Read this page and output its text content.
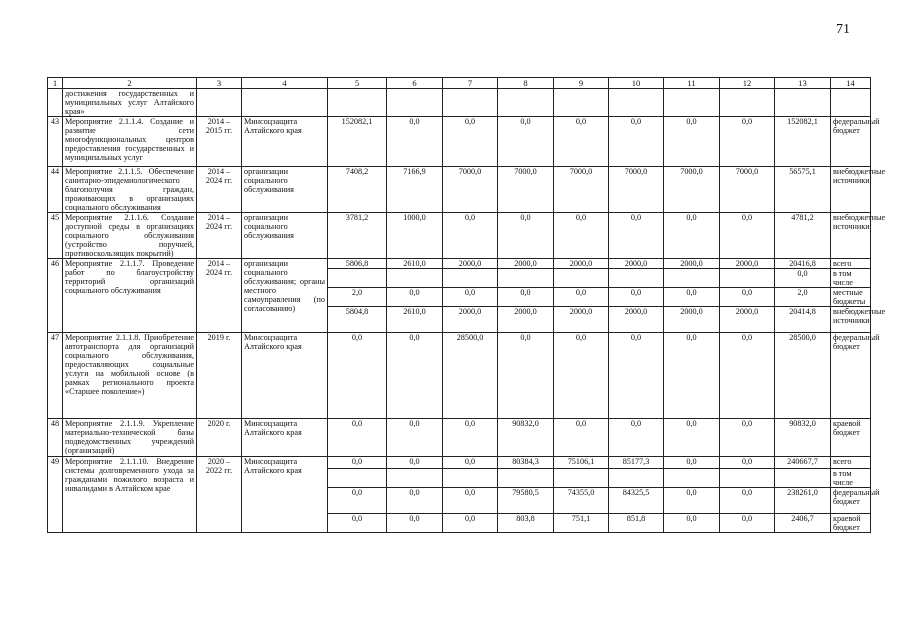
71
1	2	3	4	5	6	7	8	9	10	11	12	13	14
	достижения государственных и муниципальных услуг Алтайского края»												
43	Мероприятие 2.1.1.4. Создание и развитие сети многофункциональных центров предоставления государственных и муниципальных услуг	2014 – 2015 гг.	Минсоцзащита Алтайского края	152082,1	0,0	0,0	0,0	0,0	0,0	0,0	0,0	152082,1	федеральный бюджет
44	Мероприятие 2.1.1.5. Обеспечение санитарно-эпидемиологического благополучия граждан, проживающих в организациях социального обслуживания	2014 – 2024 гг.	организации социального обслуживания	7408,2	7166,9	7000,0	7000,0	7000,0	7000,0	7000,0	7000,0	56575,1	внебюджетные источники
45	Мероприятие 2.1.1.6. Создание доступной среды в организациях социального обслуживания (устройство поручней, противоскользящих покрытий)	2014 – 2024 гг.	организации социального обслуживания	3781,2	1000,0	0,0	0,0	0,0	0,0	0,0	0,0	4781,2	внебюджетные источники
46	Мероприятие 2.1.1.7. Проведение работ по благоустройству территорий организаций социального обслуживания	2014 – 2024 гг.	организации социального обслуживания; органы местного самоуправления (по согласованию)	5806,8	2610,0	2000,0	2000,0	2000,0	2000,0	2000,0	2000,0	20416,8	всего
												0,0	в том числе
				2,0	0,0	0,0	0,0	0,0	0,0	0,0	0,0	2,0	местные бюджеты
				5804,8	2610,0	2000,0	2000,0	2000,0	2000,0	2000,0	2000,0	20414,8	внебюджетные источники
47	Мероприятие 2.1.1.8. Приобретение автотранспорта для организаций социального обслуживания, предоставляющих социальные услуги на мобильной основе (в рамках регионального проекта «Старшее поколение»)	2019 г.	Минсоцзащита Алтайского края	0,0	0,0	28500,0	0,0	0,0	0,0	0,0	0,0	28500,0	федеральный бюджет
48	Мероприятие 2.1.1.9. Укрепление материально-технической базы подведомственных учреждений (организаций)	2020 г.	Минсоцзащита Алтайского края	0,0	0,0	0,0	90832,0	0,0	0,0	0,0	0,0	90832,0	краевой бюджет
49	Мероприятие 2.1.1.10. Внедрение системы долговременного ухода за гражданами пожилого возраста и инвалидами в Алтайском крае	2020 – 2022 гг.	Минсоцзащита Алтайского края	0,0	0,0	0,0	80384,3	75106,1	85177,3	0,0	0,0	240667,7	всего
													в том числе
				0,0	0,0	0,0	79580,5	74355,0	84325,5	0,0	0,0	238261,0	федеральный бюджет
				0,0	0,0	0,0	803,8	751,1	851,8	0,0	0,0	2406,7	краевой бюджет
